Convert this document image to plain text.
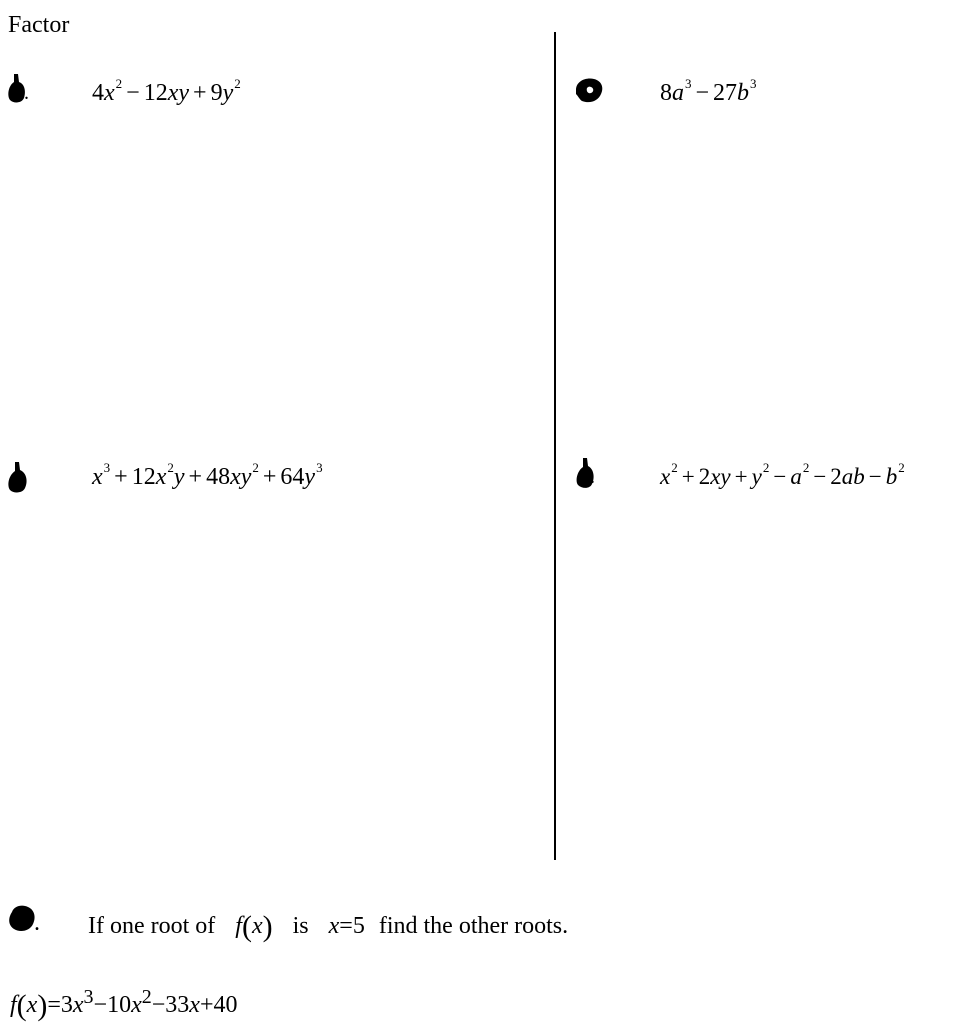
Factor
.	$4x^2 - 12xy + 9y^2$	$8a^3 - 27b^3$
$x^3 + 12x^2y + 48xy^2 + 64y^3$	.	$x^2 + 2xy + y^2 - a^2 - 2ab - b^2$
. If one root of f(x) is x=5 find the other roots.
$f(x)=3x^3-10x^2-33x+40$
